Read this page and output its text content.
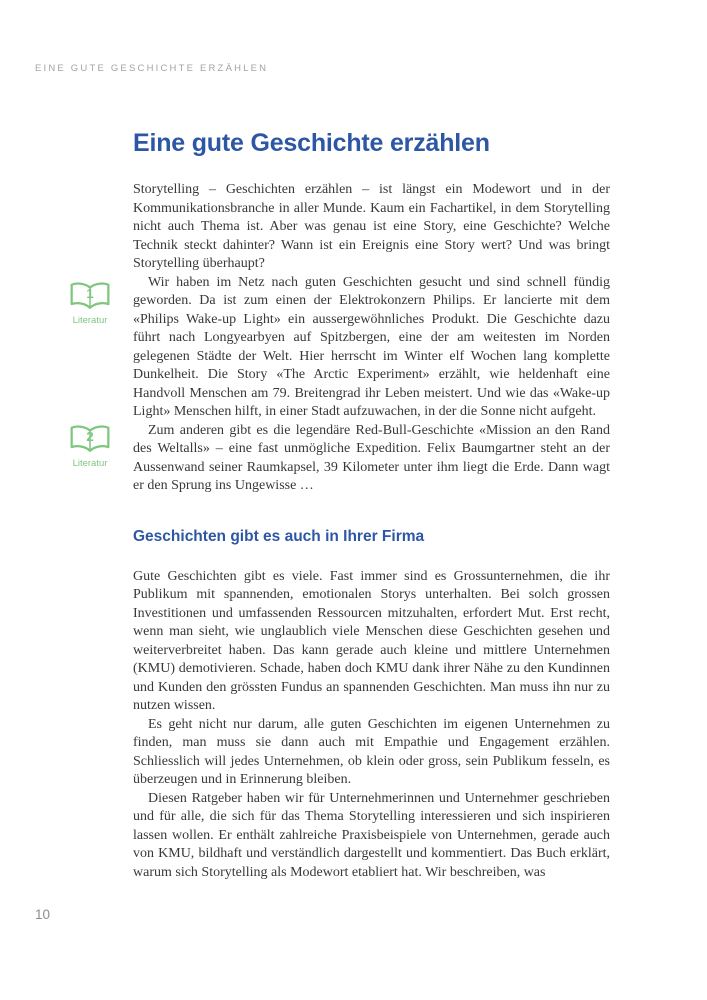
EINE GUTE GESCHICHTE ERZÄHLEN
1
Literatur
2
Literatur
Eine gute Geschichte erzählen

Storytelling – Geschichten erzählen – ist längst ein Modewort und in der Kommunikationsbranche in aller Munde. Kaum ein Fachartikel, in dem Storytelling nicht auch Thema ist. Aber was genau ist eine Story, eine Geschichte? Welche Technik steckt dahinter? Wann ist ein Ereignis eine Story wert? Und was bringt Storytelling überhaupt?

Wir haben im Netz nach guten Geschichten gesucht und sind schnell fündig geworden. Da ist zum einen der Elektrokonzern Philips. Er lancierte mit dem «Philips Wake-up Light» ein aussergewöhnliches Produkt. Die Geschichte dazu führt nach Longyearbyen auf Spitzbergen, eine der am weitesten im Norden gelegenen Städte der Welt. Hier herrscht im Winter elf Wochen lang komplette Dunkelheit. Die Story «The Arctic Experiment» erzählt, wie heldenhaft eine Handvoll Menschen am 79. Breitengrad ihr Leben meistert. Und wie das «Wake-up Light» Menschen hilft, in einer Stadt aufzuwachen, in der die Sonne nicht aufgeht.

Zum anderen gibt es die legendäre Red-Bull-Geschichte «Mission an den Rand des Weltalls» – eine fast unmögliche Expedition. Felix Baumgartner steht an der Aussenwand seiner Raumkapsel, 39 Kilometer unter ihm liegt die Erde. Dann wagt er den Sprung ins Ungewisse …

Geschichten gibt es auch in Ihrer Firma

Gute Geschichten gibt es viele. Fast immer sind es Grossunternehmen, die ihr Publikum mit spannenden, emotionalen Storys unterhalten. Bei solch grossen Investitionen und umfassenden Ressourcen mitzuhalten, erfordert Mut. Erst recht, wenn man sieht, wie unglaublich viele Menschen diese Geschichten gesehen und weiterverbreitet haben. Das kann gerade auch kleine und mittlere Unternehmen (KMU) demotivieren. Schade, haben doch KMU dank ihrer Nähe zu den Kundinnen und Kunden den grössten Fundus an spannenden Geschichten. Man muss ihn nur zu nutzen wissen.

Es geht nicht nur darum, alle guten Geschichten im eigenen Unternehmen zu finden, man muss sie dann auch mit Empathie und Engagement erzählen. Schliesslich will jedes Unternehmen, ob klein oder gross, sein Publikum fesseln, es überzeugen und in Erinnerung bleiben.

Diesen Ratgeber haben wir für Unternehmerinnen und Unternehmer geschrieben und für alle, die sich für das Thema Storytelling interessieren und sich inspirieren lassen wollen. Er enthält zahlreiche Praxisbeispiele von Unternehmen, gerade auch von KMU, bildhaft und verständlich dargestellt und kommentiert. Das Buch erklärt, warum sich Storytelling als Modewort etabliert hat. Wir beschreiben, was

10
